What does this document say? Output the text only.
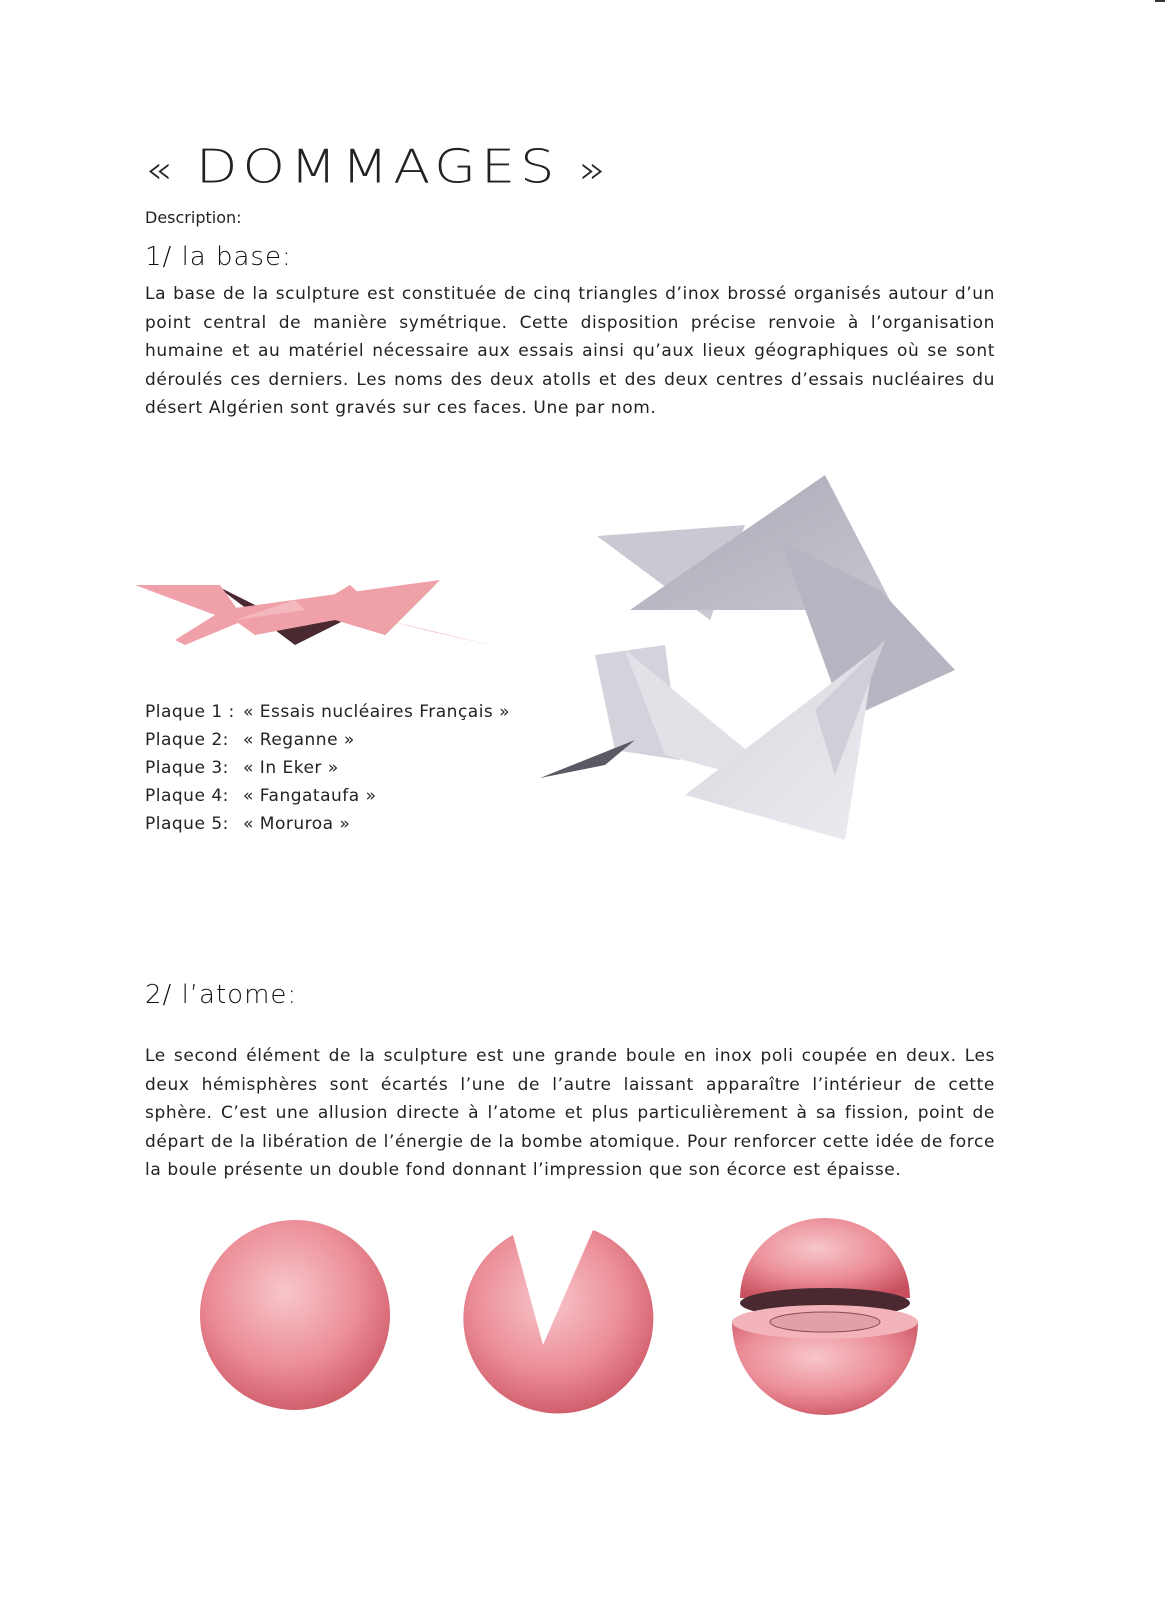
« DOMMAGES »
Description:
1/ la base:
La base de la sculpture est constituée de cinq triangles d’inox brossé organisés autour d’un point central de manière symétrique. Cette disposition précise renvoie à l’organisation humaine et au matériel nécessaire aux essais ainsi qu’aux lieux géographiques où se sont déroulés ces derniers. Les noms des deux atolls et des deux centres d’essais nucléaires du désert Algérien sont gravés sur ces faces. Une par nom.
Plaque 1 : « Essais nucléaires Français »
Plaque 2: « Reganne »
Plaque 3: « In Eker »
Plaque 4: « Fangataufa »
Plaque 5: « Moruroa »
2/ l’atome:
Le second élément de la sculpture est une grande boule en inox poli coupée en deux. Les deux hémisphères sont écartés l’une de l’autre laissant apparaître l’intérieur de cette sphère. C’est une allusion directe à l’atome et plus particulièrement à sa fission, point de départ de la libération de l’énergie de la bombe atomique. Pour renforcer cette idée de force la boule présente un double fond donnant l’impression que son écorce est épaisse.
